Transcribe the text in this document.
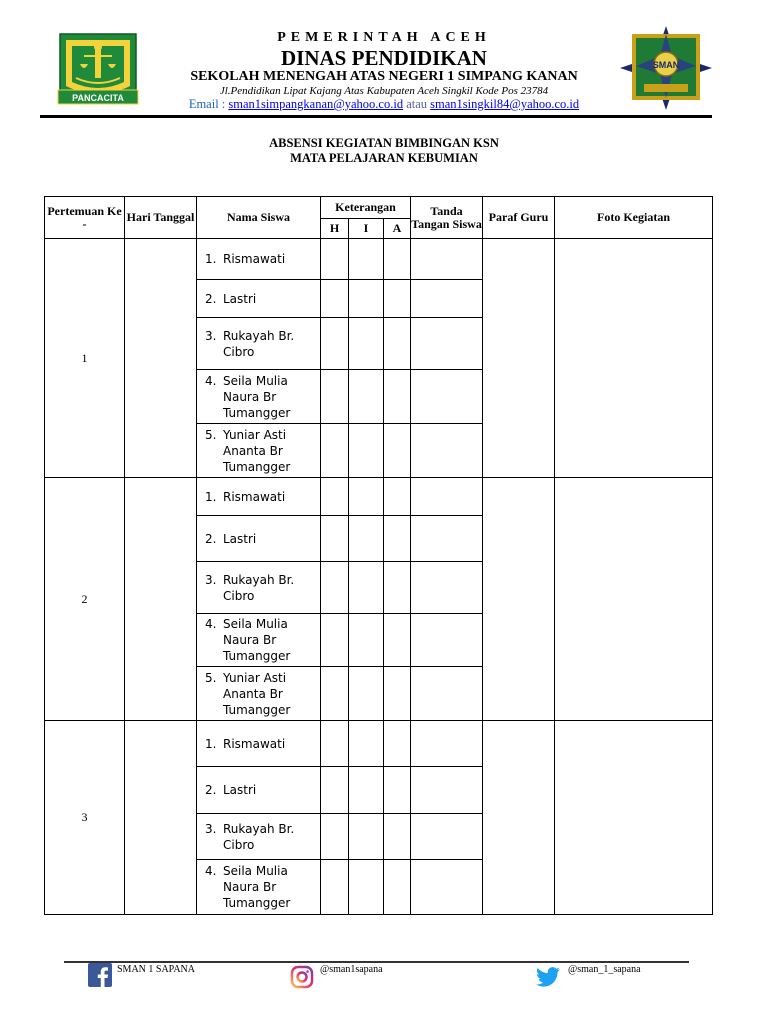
PANCACITA
SMAN
PEMERINTAH ACEH
DINAS PENDIDIKAN
SEKOLAH MENENGAH ATAS NEGERI 1 SIMPANG KANAN
Jl.Pendidikan Lipat Kajang Atas Kabupaten Aceh Singkil Kode Pos 23784
Email : sman1simpangkanan@yahoo.co.id atau sman1singkil84@yahoo.co.id
ABSENSI KEGIATAN BIMBINGAN KSN
MATA PELAJARAN KEBUMIAN
Pertemuan Ke -	Hari Tanggal	Nama Siswa	Keterangan			Tanda Tangan Siswa	Paraf Guru	Foto Kegiatan
			H	I	A			
1		1. Rismawati						
		2. Lastri						
		3. Rukayah Br. Cibro						
		4. Seila Mulia Naura Br Tumangger						
		5. Yuniar Asti Ananta Br Tumangger						
2		1. Rismawati						
		2. Lastri						
		3. Rukayah Br. Cibro						
		4. Seila Mulia Naura Br Tumangger						
		5. Yuniar Asti Ananta Br Tumangger						
3		1. Rismawati						
		2. Lastri						
		3. Rukayah Br. Cibro						
		4. Seila Mulia Naura Br Tumangger						
SMAN 1 SAPANA	@sman1sapana	@sman_1_sapana
